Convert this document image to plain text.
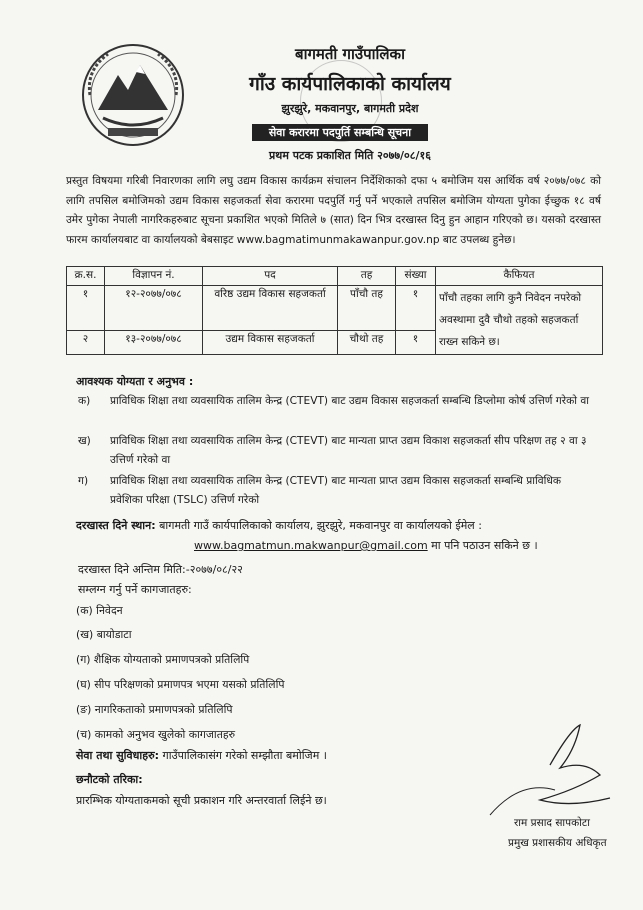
बागमती गाउँपालिका
गाँउ कार्यपालिकाको कार्यालय
झुरझुरे, मकवानपुर, बागमती प्रदेश
सेवा करारमा पदपुर्ति सम्बन्धि सूचना
प्रथम पटक प्रकाशित मिति २०७७/०८/१६
प्रस्तुत विषयमा गरिबी निवारणका लागि लघु उद्यम विकास कार्यक्रम संचालन निर्देशिकाको दफा ५ बमोजिम यस आर्थिक वर्ष २०७७/०७८ को लागि तपसिल बमोजिमको उद्यम विकास सहजकर्ता सेवा करारमा पदपुर्ति गर्नु पर्ने भएकाले तपसिल बमोजिम योग्यता पुगेका ईच्छुक १८ वर्ष उमेर पुगेका नेपाली नागरिकहरुबाट सूचना प्रकाशित भएको मितिले ७ (सात) दिन भित्र दरखास्त दिनु हुन आहान गरिएको छ। यसको दरखास्त फारम कार्यालयबाट वा कार्यालयको बेबसाइट www.bagmatimunmakawanpur.gov.np बाट उपलब्ध हुनेछ।
क्र.स.	विज्ञापन नं.	पद	तह	संख्या	कैफियत
१	१२-२०७७/०७८	वरिष्ठ उद्यम विकास सहजकर्ता	पाँचौ तह	१	पाँचौ तहका लागि कुनै निवेदन नपरेको अवस्थामा दुवै चौथो तहको सहजकर्ता राख्न सकिने छ।
२	१३-२०७७/०७८	उद्यम विकास सहजकर्ता	चौथो तह	१	
आवश्यक योग्यता र अनुभव :
क) प्राविधिक शिक्षा तथा व्यवसायिक तालिम केन्द्र (CTEVT) बाट उद्यम विकास सहजकर्ता सम्बन्धि डिप्लोमा कोर्ष उत्तिर्ण गरेको वा
ख) प्राविधिक शिक्षा तथा व्यवसायिक तालिम केन्द्र (CTEVT) बाट मान्यता प्राप्त उद्यम विकाश सहजकर्ता सीप परिक्षण तह २ वा ३ उत्तिर्ण गरेको वा
ग) प्राविधिक शिक्षा तथा व्यवसायिक तालिम केन्द्र (CTEVT) बाट मान्यता प्राप्त उद्यम विकास सहजकर्ता सम्बन्धि प्राविधिक प्रवेशिका परिक्षा (TSLC) उत्तिर्ण गरेको
दरखास्त दिने स्थान: बागमती गाउँ कार्यपालिकाको कार्यालय, झुरझुरे, मकवानपुर वा कार्यालयको ईमेल :
www.bagmatmun.makwanpur@gmail.com मा पनि पठाउन सकिने छ ।
दरखास्त दिने अन्तिम मिति:-२०७७/०८/२२
सम्लग्न गर्नु पर्ने कागजातहरु:
(क) निवेदन
(ख) बायोडाटा
(ग) शैक्षिक योग्यताको प्रमाणपत्रको प्रतिलिपि
(घ) सीप परिक्षणको प्रमाणपत्र भएमा यसको प्रतिलिपि
(ङ) नागरिकताको प्रमाणपत्रको प्रतिलिपि
(च) कामको अनुभव खुलेको कागजातहरु
सेवा तथा सुविधाहरु: गाउँपालिकासंग गरेको सम्झौता बमोजिम ।
छनौटको तरिका:
प्रारम्भिक योग्यताकमको सूची प्रकाशन गरि अन्तरवार्ता लिईने छ।
राम प्रसाद सापकोटा
प्रमुख प्रशासकीय अधिकृत
